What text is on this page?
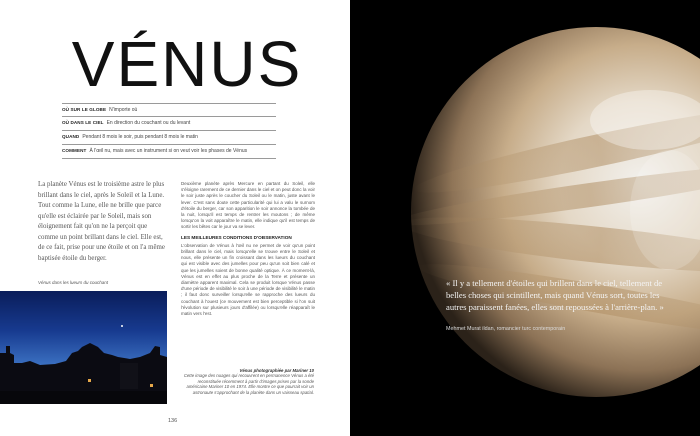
VÉNUS
OÙ SUR LE GLOBE N'importe où
OÙ DANS LE CIEL En direction du couchant ou du levant
QUAND Pendant 8 mois le soir, puis pendant 8 mois le matin
COMMENT À l'œil nu, mais avec un instrument si on veut voir les phases de Vénus

La planète Vénus est le troisième astre le plus brillant dans le ciel, après le Soleil et la Lune. Tout comme la Lune, elle ne brille que parce qu'elle est éclairée par le Soleil, mais son éloignement fait qu'on ne la perçoit que comme un point brillant dans le ciel. Elle est, de ce fait, prise pour une étoile et on l'a même baptisée étoile du berger.

Deuxième planète après Mercure en partant du Soleil, elle s'éloigne rarement de ce dernier dans le ciel et on peut donc la voir le soir juste après le coucher du Soleil ou le matin, juste avant le lever. C'est sans doute cette particularité qui lui a valu le surnom d'étoile du berger, car son apparition le soir annonce la tombée de la nuit, lorsqu'il est temps de rentrer les moutons ; de même lorsqu'on la voit apparaître le matin, elle indique qu'il est temps de sortir les bêtes car le jour va se lever.

LES MEILLEURES CONDITIONS D'OBSERVATION

L'observation de Vénus à l'œil nu ne permet de voir qu'un point brillant dans le ciel, mais lorsqu'elle se trouve entre le Soleil et nous, elle présente un fin croissant dans les lueurs du couchant qui est visible avec des jumelles pour peu qu'un soit bien calé et que les jumelles soient de bonne qualité optique. À ce moment-là, Vénus est en effet au plus proche de la Terre et présente un diamètre apparent maximal. Cela se produit lorsque Vénus passe d'une période de visibilité le soir à une période de visibilité le matin ; il faut donc surveiller lorsqu'elle se rapproche des lueurs du couchant à l'ouest (ce mouvement est bien perceptible si l'on suit l'évolution sur plusieurs jours d'affilée) ou lorsqu'elle réapparaît le matin vers l'est.

Vénus dans les lueurs du couchant
Vénus photographiée par Mariner 10
Cette image des nuages qui recouvrent en permanence Vénus a été reconstituée récemment à partir d'images prises par la sonde américaine Mariner 10 en 1974. Elle montre ce que pourrait voir un astronaute s'approchant de la planète dans un vaisseau spatial.
136
« Il y a tellement d'étoiles qui brillent dans le ciel, tellement de belles choses qui scintillent, mais quand Vénus sort, toutes les autres paraissent fanées, elles sont repoussées à l'arrière-plan. »
Mehmet Murat ildan, romancier turc contemporain
